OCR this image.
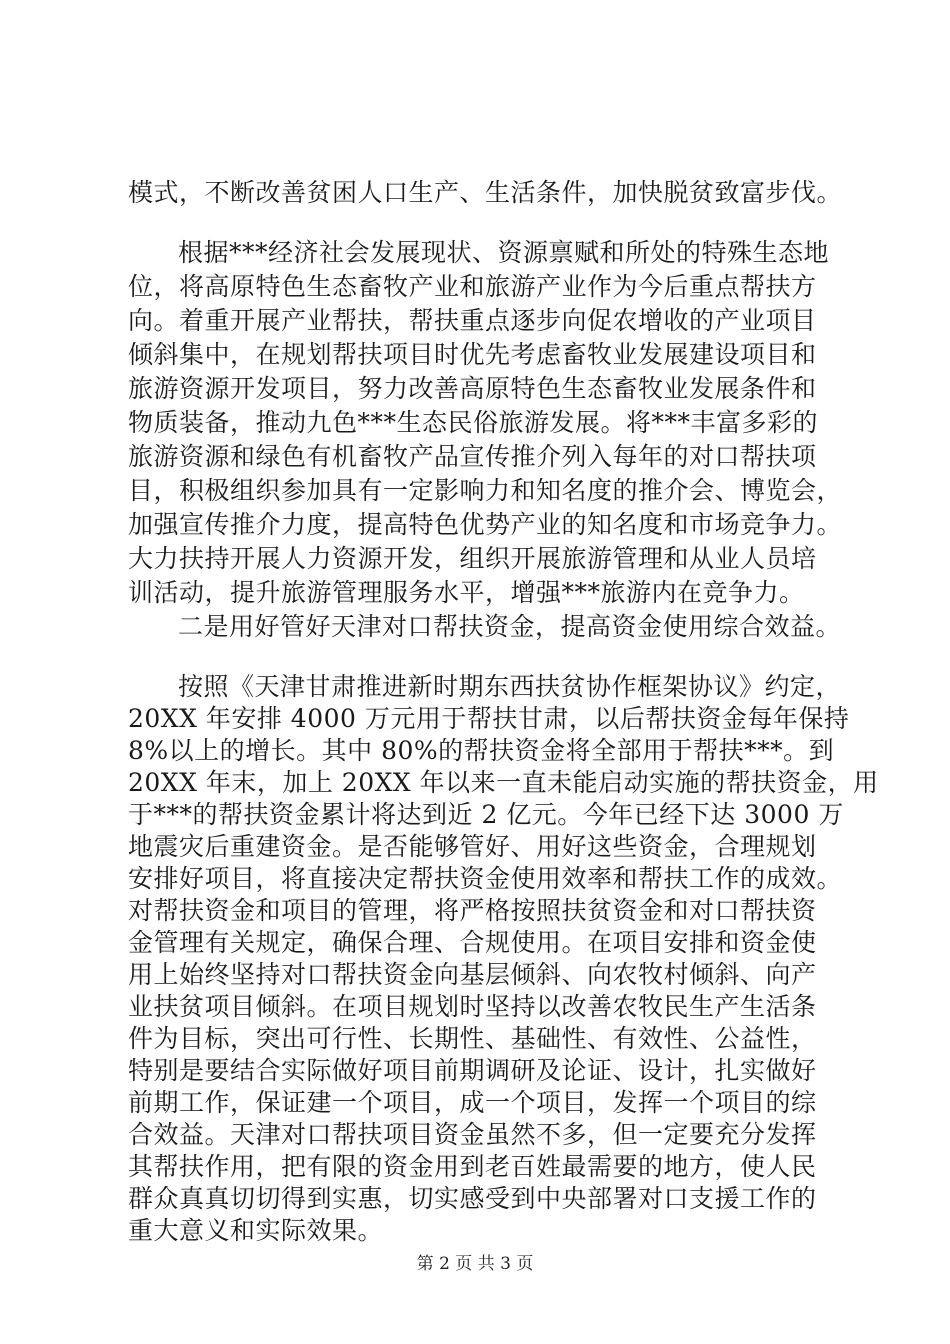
模式，不断改善贫困人口生产、生活条件，加快脱贫致富步伐。
根据***经济社会发展现状、资源禀赋和所处的特殊生态地
位，将高原特色生态畜牧产业和旅游产业作为今后重点帮扶方
向。着重开展产业帮扶，帮扶重点逐步向促农增收的产业项目
倾斜集中，在规划帮扶项目时优先考虑畜牧业发展建设项目和
旅游资源开发项目，努力改善高原特色生态畜牧业发展条件和
物质装备，推动九色***生态民俗旅游发展。将***丰富多彩的
旅游资源和绿色有机畜牧产品宣传推介列入每年的对口帮扶项
目，积极组织参加具有一定影响力和知名度的推介会、博览会，
加强宣传推介力度，提高特色优势产业的知名度和市场竞争力。
大力扶持开展人力资源开发，组织开展旅游管理和从业人员培
训活动，提升旅游管理服务水平，增强***旅游内在竞争力。
二是用好管好天津对口帮扶资金，提高资金使用综合效益。
按照《天津甘肃推进新时期东西扶贫协作框架协议》约定，
20XX 年安排 4000 万元用于帮扶甘肃，以后帮扶资金每年保持
8%以上的增长。其中 80%的帮扶资金将全部用于帮扶***。到
20XX 年末，加上 20XX 年以来一直未能启动实施的帮扶资金，用
于***的帮扶资金累计将达到近 2 亿元。今年已经下达 3000 万
地震灾后重建资金。是否能够管好、用好这些资金，合理规划
安排好项目，将直接决定帮扶资金使用效率和帮扶工作的成效。
对帮扶资金和项目的管理，将严格按照扶贫资金和对口帮扶资
金管理有关规定，确保合理、合规使用。在项目安排和资金使
用上始终坚持对口帮扶资金向基层倾斜、向农牧村倾斜、向产
业扶贫项目倾斜。在项目规划时坚持以改善农牧民生产生活条
件为目标，突出可行性、长期性、基础性、有效性、公益性，
特别是要结合实际做好项目前期调研及论证、设计，扎实做好
前期工作，保证建一个项目，成一个项目，发挥一个项目的综
合效益。天津对口帮扶项目资金虽然不多，但一定要充分发挥
其帮扶作用，把有限的资金用到老百姓最需要的地方，使人民
群众真真切切得到实惠，切实感受到中央部署对口支援工作的
重大意义和实际效果。
第 2 页 共 3 页
